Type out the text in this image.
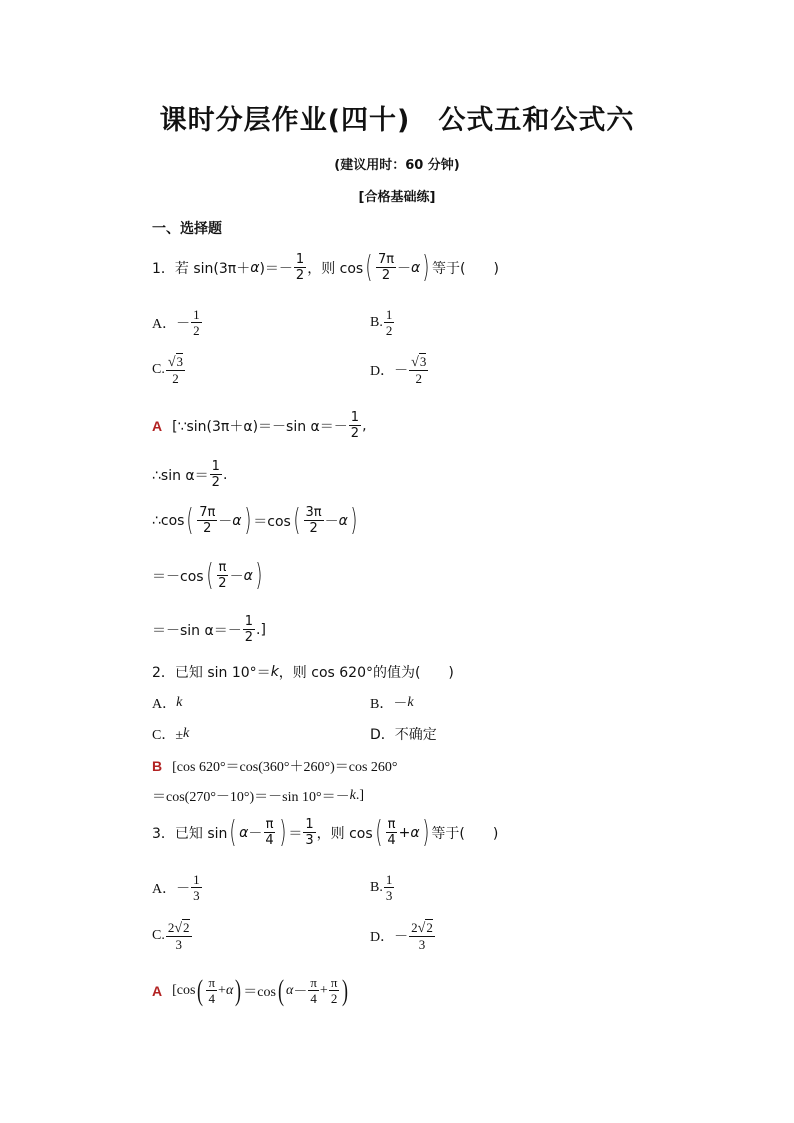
课时分层作业(四十)　公式五和公式六
(建议用时：60 分钟)
[合格基础练]
一、选择题
1．若 sin(3π＋ α )＝－ $\frac{1}{2}$ ，则 cos ( $\frac{7\pi}{2} - \alpha$ ) 等于(　　)
A．－ $\frac{1}{2}$	B. $\frac{1}{2}$
C. $\frac{√3}{2}$	D．－ $\frac{√3}{2}$
A [∵sin(3π＋α)＝－sin $\alpha=- \frac{1}{2}$ ,
∴sin $\alpha= \frac{1}{2}$ .
∴cos ( $\frac{7\pi}{2} - \alpha$ ) ＝cos ( $\frac{3\pi}{2} - \alpha$ )
＝－cos ( $\frac{\pi}{2} - \alpha$ )
＝－sin $\alpha=- \frac{1}{2}$ .]
2．已知 sin 10°＝ k ，则 cos 620°的值为(　　)
A． k	B．－ k
C．± k	D．不确定
B [cos 620°＝cos(360°＋260°)＝cos 260°
＝cos(270°－10°)＝－sin 10°＝－ k .]
3．已知 sin ( $\alpha - \frac{\pi}{4}$ ) ＝ $\frac{1}{3}$ ，则 cos ( $\frac{\pi}{4} + \alpha$ ) 等于(　　)
A．－ $\frac{1}{3}$	B. $\frac{1}{3}$
C. $\frac{2√2}{3}$	D．－ $\frac{2√2}{3}$
A [cos ( $\frac{\pi}{4} + \alpha$ ) ＝cos ( $\alpha - \frac{\pi}{4} + \frac{\pi}{2}$ )
